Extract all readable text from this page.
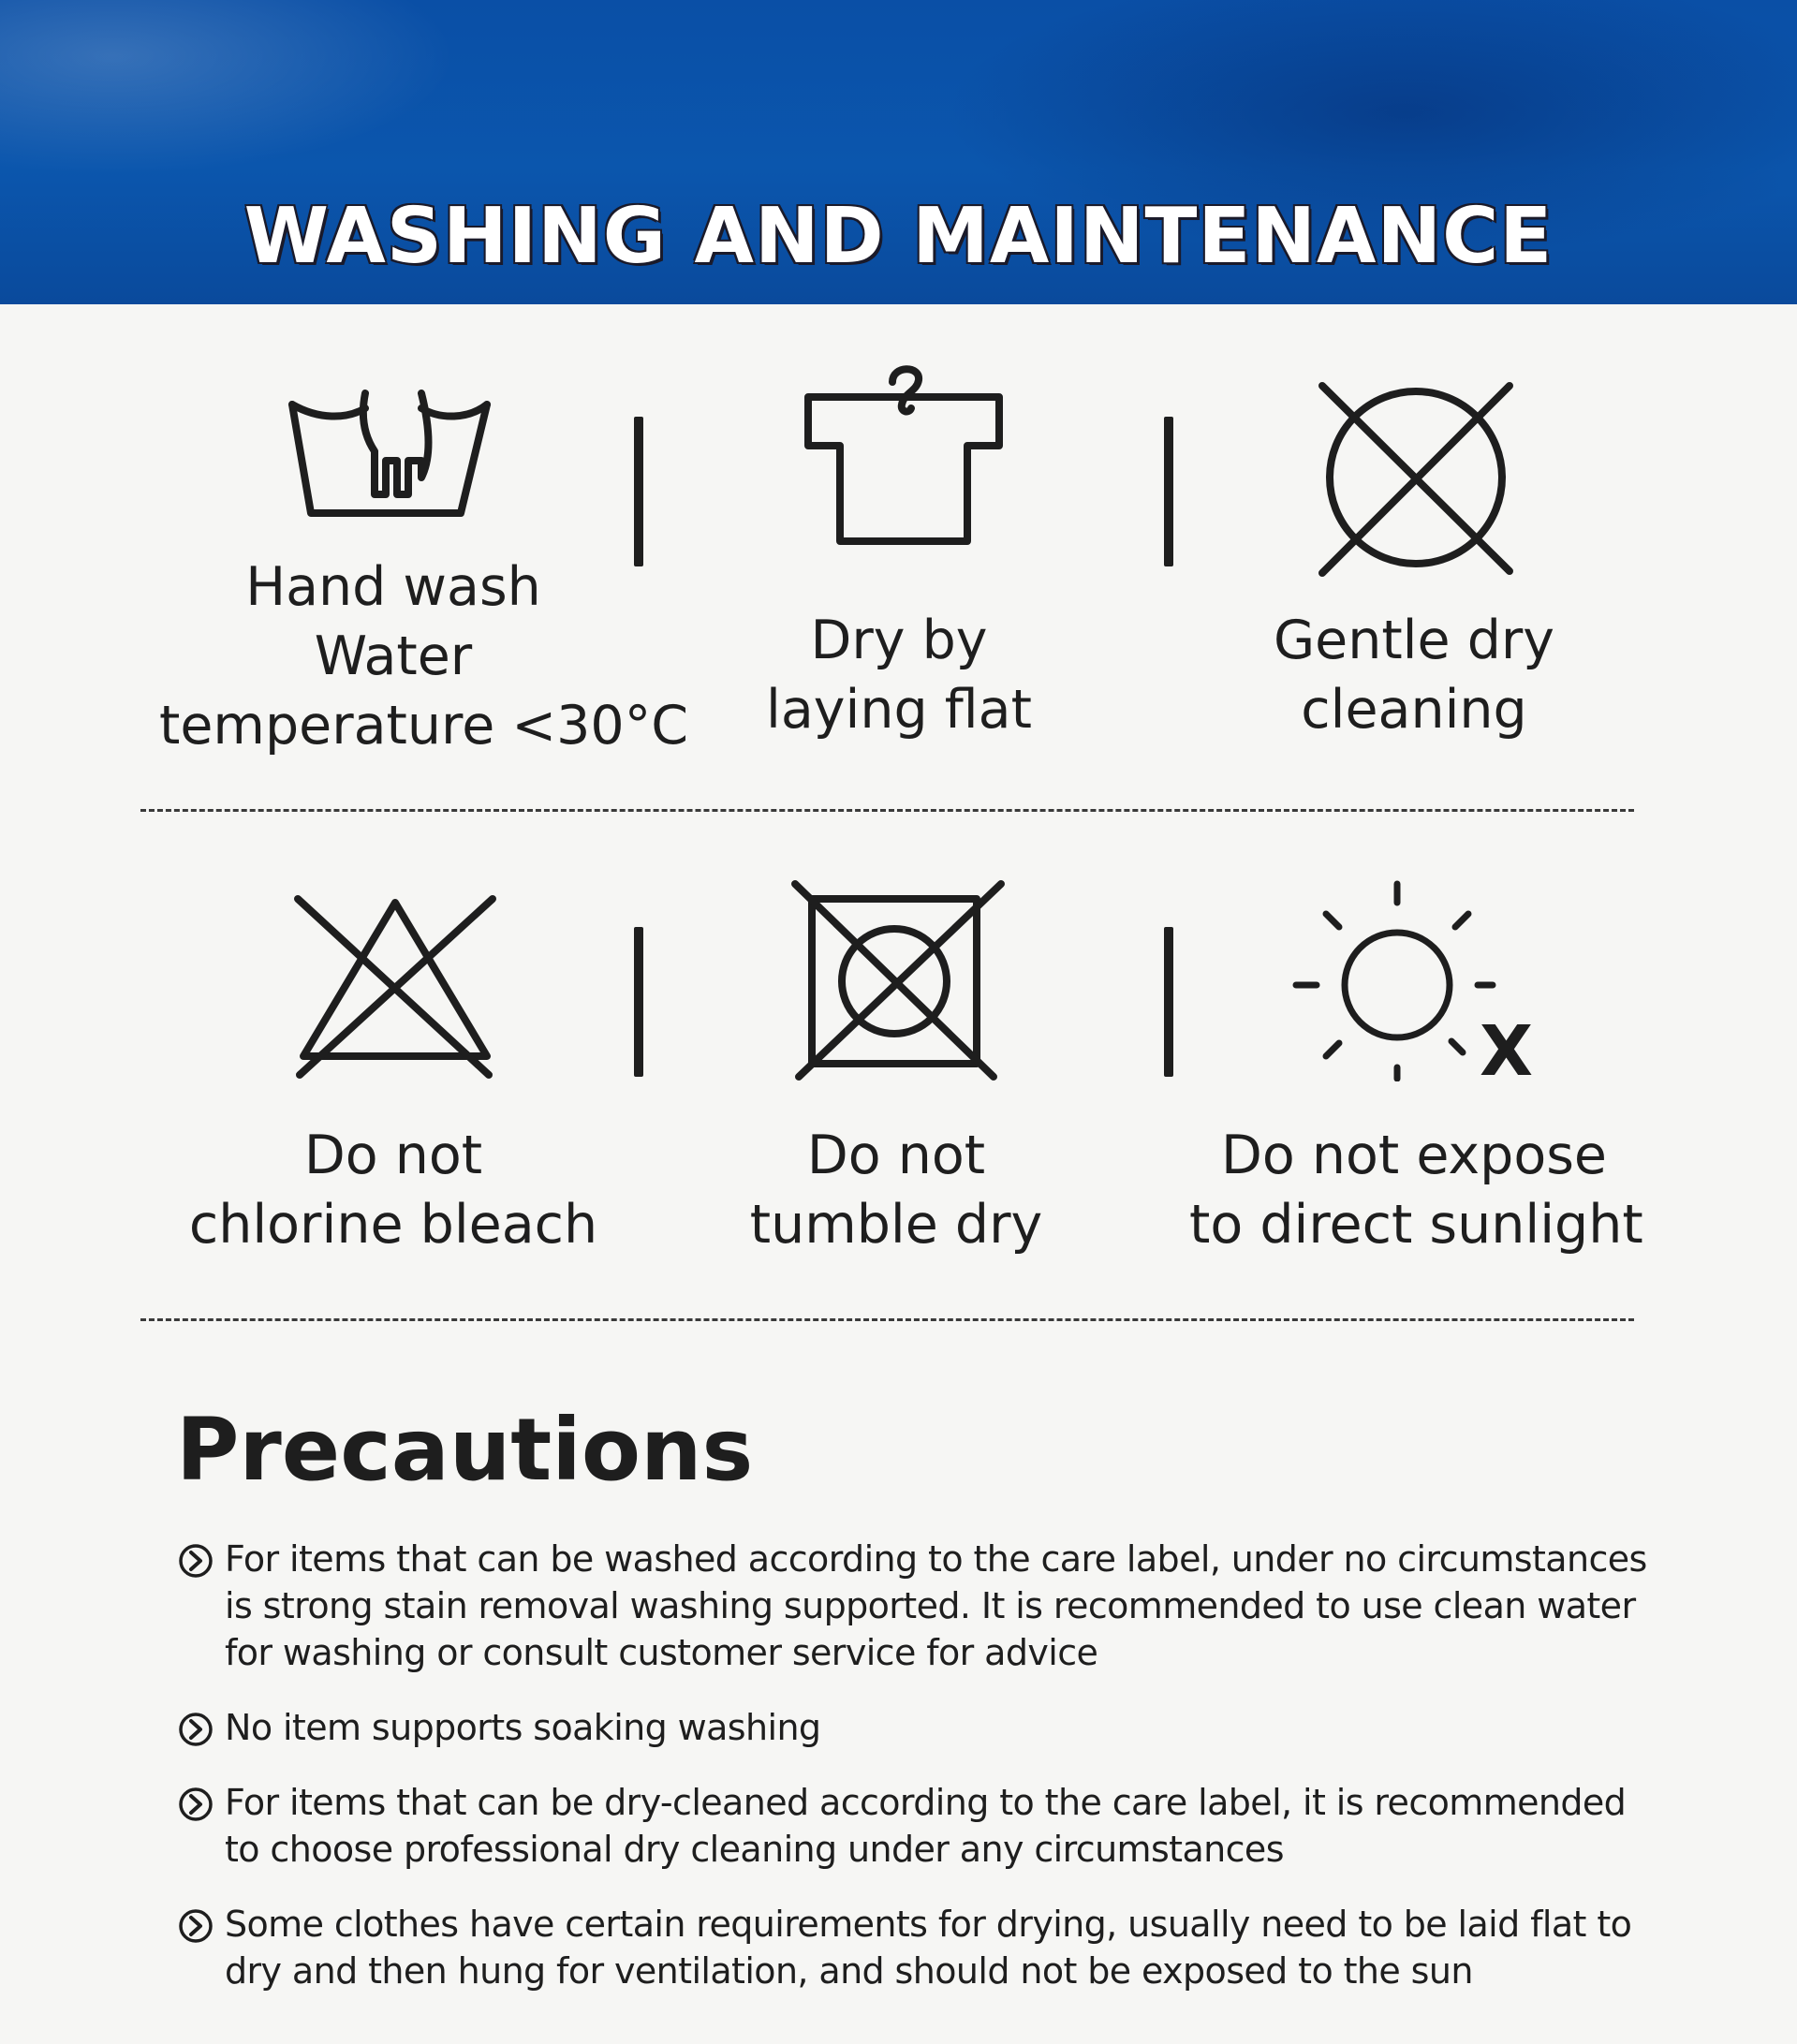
WASHING AND MAINTENANCE
Hand wash
Water
temperature <30°C
Dry by
laying flat
Gentle dry
cleaning
X
Do not
chlorine bleach
Do not
tumble dry
Do not expose
to direct sunlight
Precautions
For items that can be washed according to the care label, under no circumstances is strong stain removal washing supported. It is recommended to use clean water for washing or consult customer service for advice
No item supports soaking washing
For items that can be dry-cleaned according to the care label, it is recommended to choose professional dry cleaning under any circumstances
Some clothes have certain requirements for drying, usually need to be laid flat to dry and then hung for ventilation, and should not be exposed to the sun
